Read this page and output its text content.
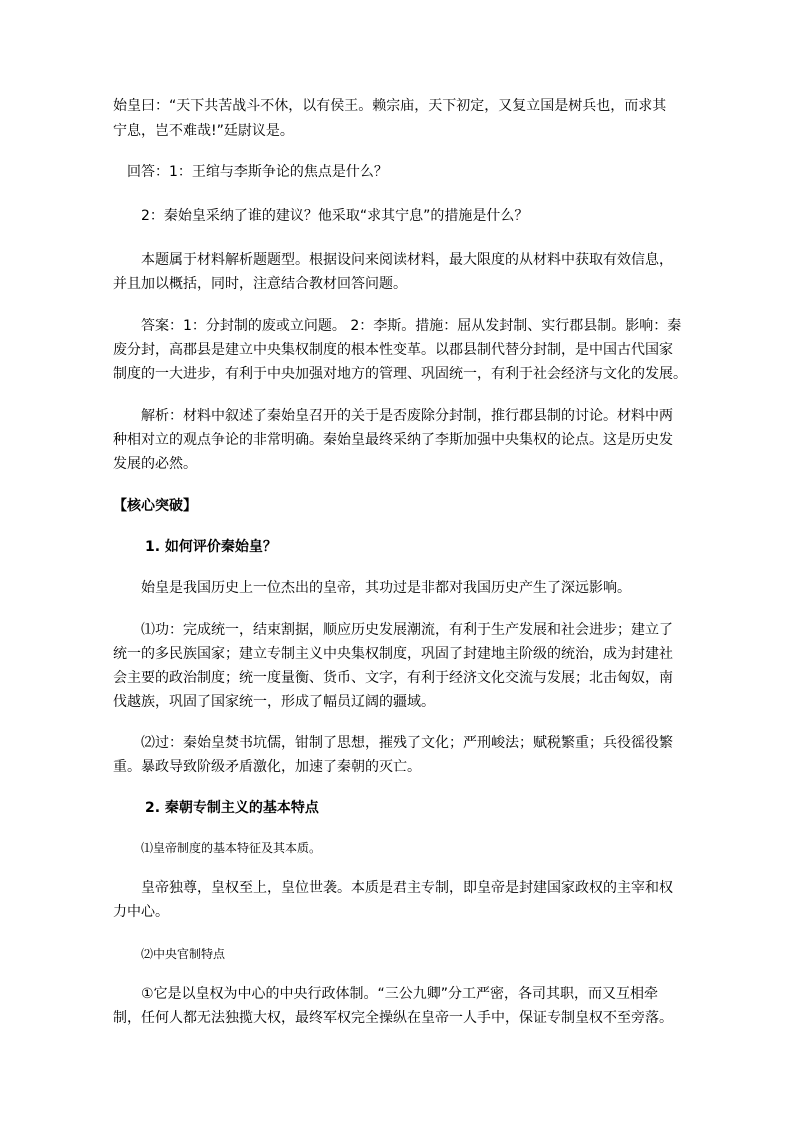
始皇曰：“天下共苦战斗不休，以有侯王。赖宗庙，天下初定，又复立国是树兵也，而求其
宁息，岂不难哉!”廷尉议是。
回答：1：王绾与李斯争论的焦点是什么？
2：秦始皇采纳了谁的建议？他采取“求其宁息”的措施是什么？
本题属于材料解析题题型。根据设问来阅读材料，最大限度的从材料中获取有效信息，
并且加以概括，同时，注意结合教材回答问题。
答案：1：分封制的废或立问题。 2：李斯。措施：屈从发封制、实行郡县制。影响：秦
废分封，高郡县是建立中央集权制度的根本性变革。以郡县制代替分封制，是中国古代国家
制度的一大进步，有利于中央加强对地方的管理、巩固统一，有利于社会经济与文化的发展。
解析：材料中叙述了秦始皇召开的关于是否废除分封制，推行郡县制的讨论。材料中两
种相对立的观点争论的非常明确。秦始皇最终采纳了李斯加强中央集权的论点。这是历史发
发展的必然。
【核心突破】
1. 如何评价秦始皇？
始皇是我国历史上一位杰出的皇帝，其功过是非都对我国历史产生了深远影响。
⑴功：完成统一，结束割据，顺应历史发展潮流，有利于生产发展和社会进步；建立了
统一的多民族国家；建立专制主义中央集权制度，巩固了封建地主阶级的统治，成为封建社
会主要的政治制度；统一度量衡、货币、文字，有利于经济文化交流与发展；北击匈奴，南
伐越族，巩固了国家统一，形成了幅员辽阔的疆域。
⑵过：秦始皇焚书坑儒，钳制了思想，摧残了文化；严刑峻法；赋税繁重；兵役徭役繁
重。暴政导致阶级矛盾激化，加速了秦朝的灭亡。
2. 秦朝专制主义的基本特点
⑴皇帝制度的基本特征及其本质。
皇帝独尊，皇权至上，皇位世袭。本质是君主专制，即皇帝是封建国家政权的主宰和权
力中心。
⑵中央官制特点
①它是以皇权为中心的中央行政体制。“三公九卿”分工严密，各司其职，而又互相牵
制，任何人都无法独揽大权，最终军权完全操纵在皇帝一人手中，保证专制皇权不至旁落。
